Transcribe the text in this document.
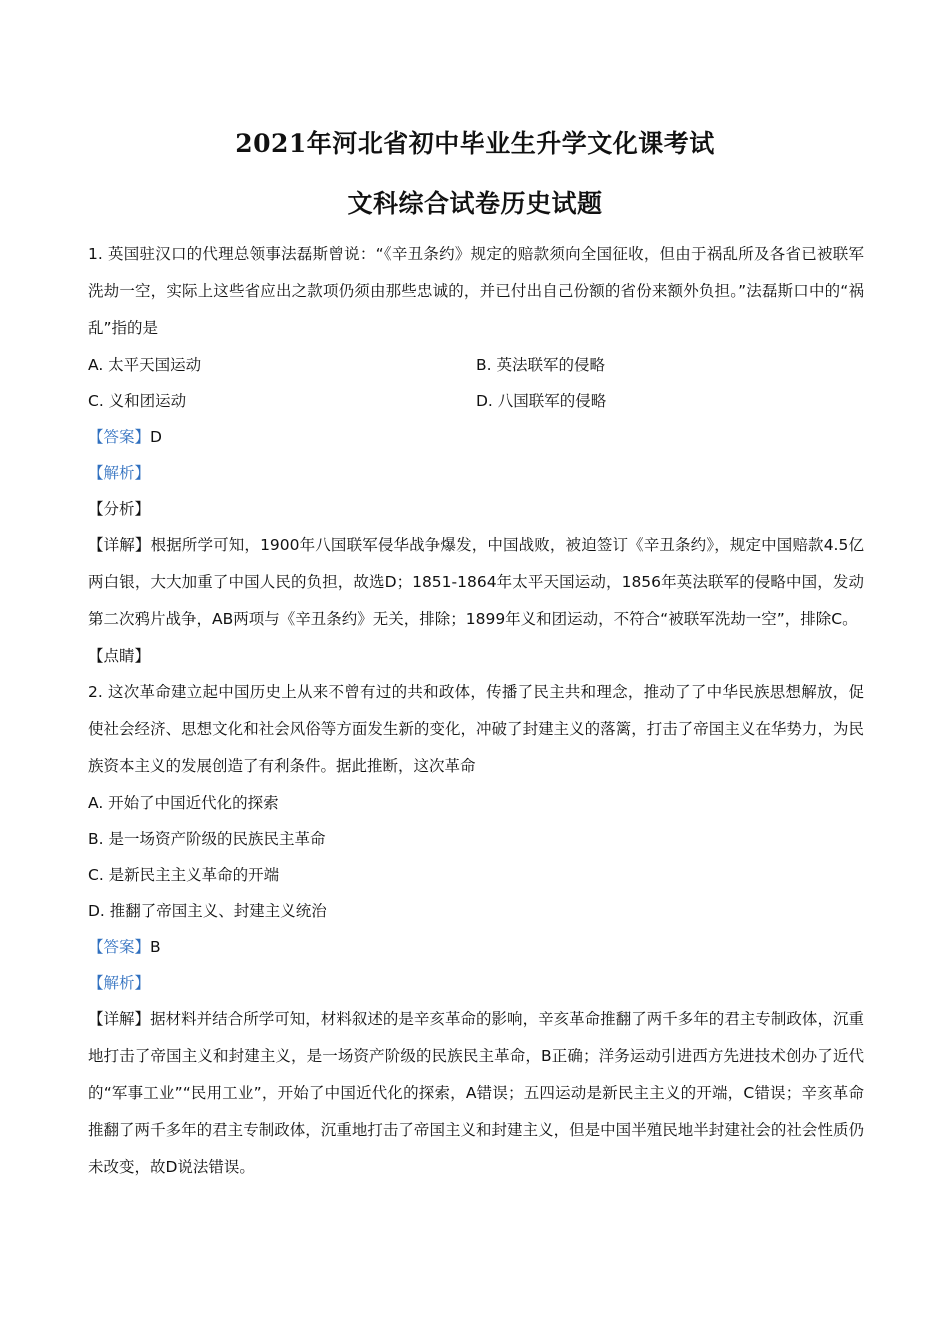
2021年河北省初中毕业生升学文化课考试
文科综合试卷历史试题

1. 英国驻汉口的代理总领事法磊斯曾说：“《辛丑条约》规定的赔款须向全国征收，但由于祸乱所及各省已被联军洗劫一空，实际上这些省应出之款项仍须由那些忠诚的，并已付出自己份额的省份来额外负担。”法磊斯口中的“祸乱”指的是

A. 太平天国运动	B. 英法联军的侵略
C. 义和团运动	D. 八国联军的侵略
【答案】D
【解析】
【分析】

【详解】根据所学可知，1900年八国联军侵华战争爆发，中国战败，被迫签订《辛丑条约》，规定中国赔款4.5亿两白银，大大加重了中国人民的负担，故选D；1851-1864年太平天国运动，1856年英法联军的侵略中国，发动第二次鸦片战争，AB两项与《辛丑条约》无关，排除；1899年义和团运动，不符合“被联军洗劫一空”，排除C。

【点睛】

2. 这次革命建立起中国历史上从来不曾有过的共和政体，传播了民主共和理念，推动了了中华民族思想解放，促使社会经济、思想文化和社会风俗等方面发生新的变化，冲破了封建主义的落篱，打击了帝国主义在华势力，为民族资本主义的发展创造了有利条件。据此推断，这次革命

A. 开始了中国近代化的探索
B. 是一场资产阶级的民族民主革命
C. 是新民主主义革命的开端
D. 推翻了帝国主义、封建主义统治
【答案】B
【解析】

【详解】据材料并结合所学可知，材料叙述的是辛亥革命的影响，辛亥革命推翻了两千多年的君主专制政体，沉重地打击了帝国主义和封建主义，是一场资产阶级的民族民主革命，B正确；洋务运动引进西方先进技术创办了近代的“军事工业”“民用工业”，开始了中国近代化的探索，A错误；五四运动是新民主主义的开端，C错误；辛亥革命推翻了两千多年的君主专制政体，沉重地打击了帝国主义和封建主义，但是中国半殖民地半封建社会的社会性质仍未改变，故D说法错误。
